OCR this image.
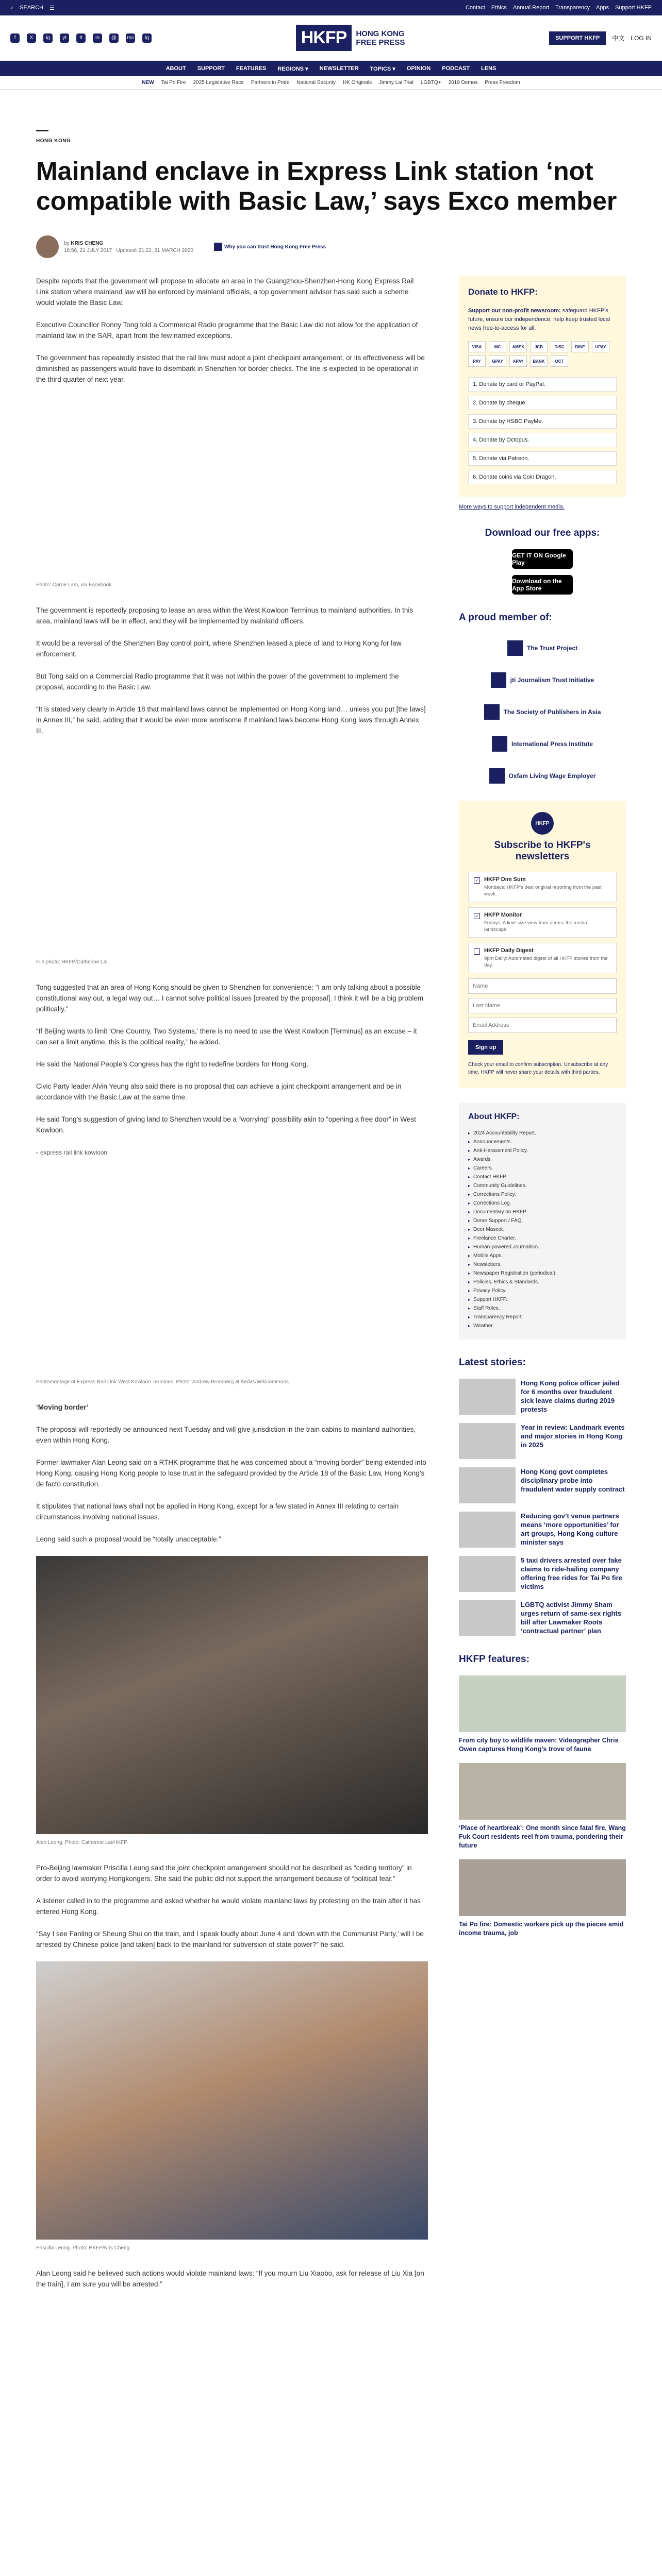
⌕ SEARCH ☰	Contact Ethics Annual Report Transparency Apps Support HKFP
f	X	ig	yt	tt	in	@	rss	tg	HKFP	HONG KONG
FREE PRESS	SUPPORT HKFP	中文 LOG IN
ABOUT SUPPORT FEATURES REGIONS ▾ NEWSLETTER TOPICS ▾ OPINION PODCAST LENS
NEW Tai Po Fire 2025 Legislative Race Partners in Pride National Security HK Originals Jimmy Lai Trial LGBTQ+ 2019 Demos Press Freedom
HONG KONG
Mainland enclave in Express Link station ‘not compatible with Basic Law,’ says Exco member
by KRIS CHENG
16:56, 21 JULY 2017 Updated: 21:22, 21 MARCH 2020
Why you can trust Hong Kong Free Press

Despite reports that the government will propose to allocate an area in the Guangzhou-Shenzhen-Hong Kong Express Rail Link station where mainland law will be enforced by mainland officials, a top government advisor has said such a scheme would violate the Basic Law.

Executive Councillor Ronny Tong told a Commercial Radio programme that the Basic Law did not allow for the application of mainland law in the SAR, apart from the few named exceptions.

The government has repeatedly insisted that the rail link must adopt a joint checkpoint arrangement, or its effectiveness will be diminished as passengers would have to disembark in Shenzhen for border checks. The line is expected to be operational in the third quarter of next year.

Photo: Carrie Lam, via Facebook.

The government is reportedly proposing to lease an area within the West Kowloon Terminus to mainland authorities. In this area, mainland laws will be in effect, and they will be implemented by mainland officers.

It would be a reversal of the Shenzhen Bay control point, where Shenzhen leased a piece of land to Hong Kong for law enforcement.

But Tong said on a Commercial Radio programme that it was not within the power of the government to implement the proposal, according to the Basic Law.

“It is stated very clearly in Article 18 that mainland laws cannot be implemented on Hong Kong land… unless you put [the laws] in Annex III,” he said, adding that it would be even more worrisome if mainland laws become Hong Kong laws through Annex III.

File photo: HKFP/Catherine Lai.

Tong suggested that an area of Hong Kong should be given to Shenzhen for convenience: “I am only talking about a possible constitutional way out, a legal way out… I cannot solve political issues [created by the proposal]. I think it will be a big problem politically.”

“If Beijing wants to limit ‘One Country, Two Systems,’ there is no need to use the West Kowloon [Terminus] as an excuse – it can set a limit anytime, this is the political reality,” he added.

He said the National People’s Congress has the right to redefine borders for Hong Kong.

Civic Party leader Alvin Yeung also said there is no proposal that can achieve a joint checkpoint arrangement and be in accordance with the Basic Law at the same time.

He said Tong’s suggestion of giving land to Shenzhen would be a “worrying” possibility akin to “opening a free door” in West Kowloon.

▫ express rail link kowloon
Photomontage of Express Rail Link West Kowloon Terminus. Photo: Andrew Bromberg at Aedas/Wikicommons.

‘Moving border’

The proposal will reportedly be announced next Tuesday and will give jurisdiction in the train cabins to mainland authorities, even within Hong Kong.

Former lawmaker Alan Leong said on a RTHK programme that he was concerned about a “moving border” being extended into Hong Kong, causing Hong Kong people to lose trust in the safeguard provided by the Article 18 of the Basic Law, Hong Kong’s de facto constitution.

It stipulates that national laws shall not be applied in Hong Kong, except for a few stated in Annex III relating to certain circumstances involving national issues.

Leong said such a proposal would be “totally unacceptable.”

Alan Leong. Photo: Catherine Lai/HKFP.

Pro-Beijing lawmaker Priscilla Leung said the joint checkpoint arrangement should not be described as “ceding territory” in order to avoid worrying Hongkongers. She said the public did not support the arrangement because of “political fear.”

A listener called in to the programme and asked whether he would violate mainland laws by protesting on the train after it has entered Hong Kong.

“Say I see Fanling or Sheung Shui on the train, and I speak loudly about June 4 and ‘down with the Communist Party,’ will I be arrested by Chinese police [and taken] back to the mainland for subversion of state power?” he said.

Priscilla Leung. Photo: HKFP/Kris Cheng.

Alan Leong said he believed such actions would violate mainland laws: “If you mourn Liu Xiaobo, ask for release of Liu Xia [on the train], I am sure you will be arrested.”

Donate to HKFP:
Support our non-profit newsroom: safeguard HKFP’s future, ensure our independence, help keep trusted local news free-to-access for all.
VISA	MC	AMEX	JCB	DISC	DINE	UPAY
PAY	GPAY	APAY	BANK	OCT
1. Donate by card or PayPal.
2. Donate by cheque.
3. Donate by HSBC PayMe.
4. Donate by Octopus.
5. Donate via Patreon.
6. Donate coins via Coin Dragon.
More ways to support independent media.
Download our free apps:
GET IT ON Google Play
Download on the App Store
A proud member of:
The Trust Project
jti Journalism Trust Initiative
The Society of Publishers in Asia
International Press Institute
Oxfam Living Wage Employer
HKFP
Subscribe to HKFP's newsletters
✓ HKFP Dim Sum
Mondays: HKFP's best original reporting from the past week.
✓ HKFP Monitor
Fridays: A limit-size view from across the media landscape.
HKFP Daily Digest
9pm Daily: Automated digest of all HKFP stories from the day.
Name Last Name Email Address
Sign up
Check your email to confirm subscription. Unsubscribe at any time. HKFP will never share your details with third parties.
About HKFP:
▸ 2024 Accountability Report.
▸ Announcements.
▸ Anti-Harassment Policy.
▸ Awards.
▸ Careers.
▸ Contact HKFP.
▸ Community Guidelines.
▸ Corrections Policy.
▸ Corrections Log.
▸ Documentary on HKFP.
▸ Donor Support / FAQ.
▸ Deer Mascot.
▸ Freelance Charter.
▸ Human-powered Journalism.
▸ Mobile Apps.
▸ Newsletters.
▸ Newspaper Registration (periodical).
▸ Policies, Ethics & Standards.
▸ Privacy Policy.
▸ Support HKFP.
▸ Staff Roles.
▸ Transparency Report.
▸ Weather.
Latest stories:
Hong Kong police officer jailed for 6 months over fraudulent sick leave claims during 2019 protests
Year in review: Landmark events and major stories in Hong Kong in 2025
Hong Kong govt completes disciplinary probe into fraudulent water supply contract
Reducing gov’t venue partners means ‘more opportunities’ for art groups, Hong Kong culture minister says
5 taxi drivers arrested over fake claims to ride-hailing company offering free rides for Tai Po fire victims
LGBTQ activist Jimmy Sham urges return of same-sex rights bill after Lawmaker Roots ‘contractual partner’ plan
HKFP features:
From city boy to wildlife maven: Videographer Chris Owen captures Hong Kong’s trove of fauna
‘Place of heartbreak’: One month since fatal fire, Wang Fuk Court residents reel from trauma, pondering their future
Tai Po fire: Domestic workers pick up the pieces amid income trauma, job
